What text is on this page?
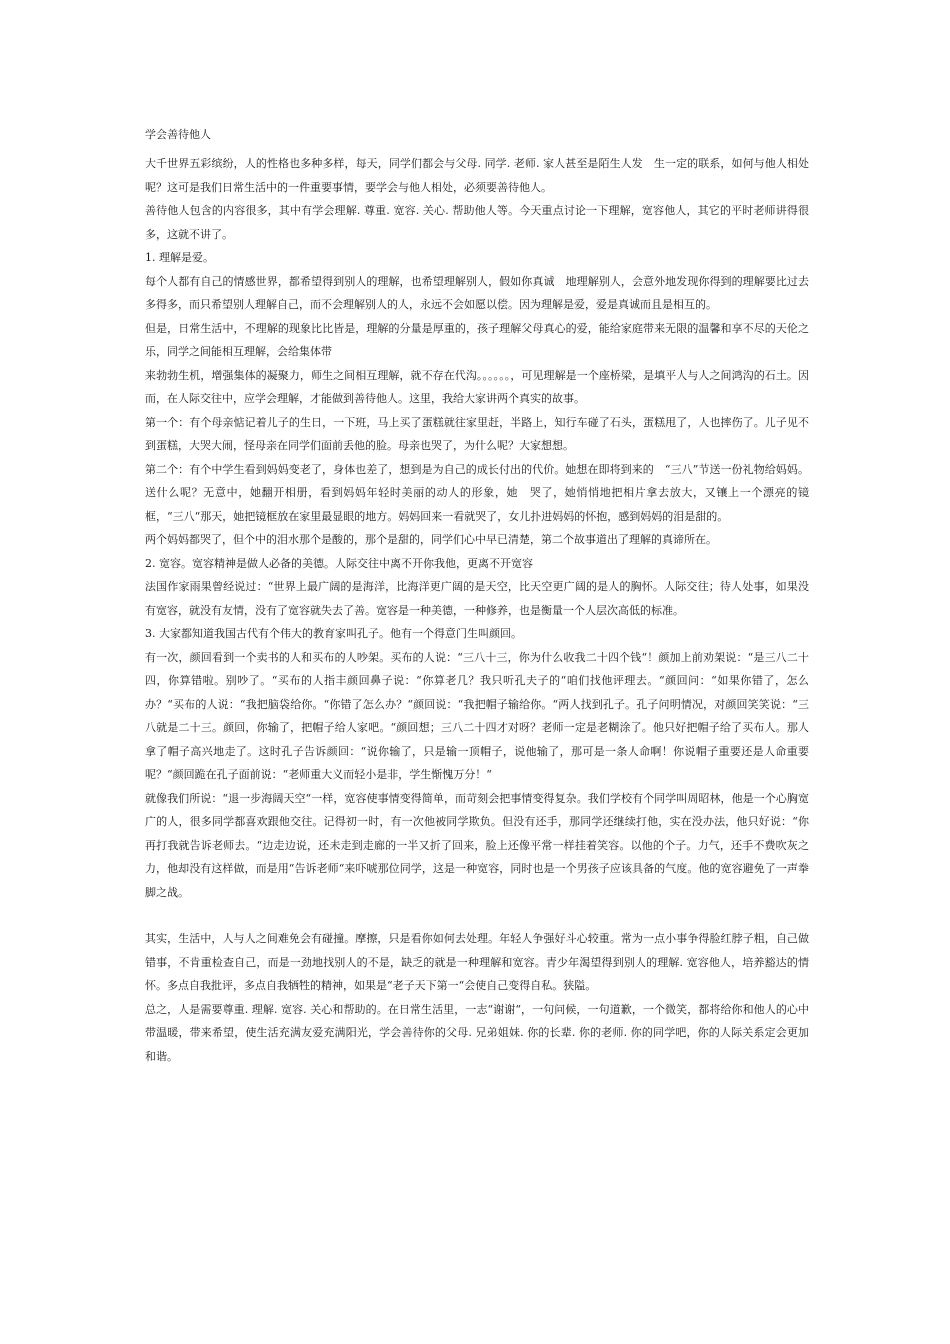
学会善待他人

大千世界五彩缤纷，人的性格也多种多样，每天，同学们都会与父母. 同学. 老师. 家人甚至是陌生人发　生一定的联系，如何与他人相处呢？这可是我们日常生活中的一件重要事情，要学会与他人相处，必须要善待他人。

善待他人包含的内容很多，其中有学会理解. 尊重. 宽容. 关心. 帮助他人等。今天重点讨论一下理解，宽容他人，其它的平时老师讲得很多，这就不讲了。

1. 理解是爱。

每个人都有自己的情感世界，都希望得到别人的理解，也希望理解别人，假如你真诚　地理解别人，会意外地发现你得到的理解要比过去多得多，而只希望别人理解自己，而不会理解别人的人，永远不会如愿以偿。因为理解是爱，爱是真诚而且是相互的。

但是，日常生活中，不理解的现象比比皆是，理解的分量是厚重的，孩子理解父母真心的爱，能给家庭带来无限的温馨和享不尽的天伦之乐，同学之间能相互理解，会给集体带

来勃勃生机，增强集体的凝聚力，师生之间相互理解，就不存在代沟。。。。。。，可见理解是一个座桥梁，是填平人与人之间鸿沟的石土。因而，在人际交往中，应学会理解，才能做到善待他人。这里，我给大家讲两个真实的故事。

第一个：有个母亲惦记着儿子的生日，一下班，马上买了蛋糕就往家里赶，半路上，知行车碰了石头，蛋糕甩了，人也摔伤了。儿子见不到蛋糕，大哭大闹，怪母亲在同学们面前丢他的脸。母亲也哭了，为什么呢？大家想想。

第二个：有个中学生看到妈妈变老了，身体也差了，想到是为自己的成长付出的代价。她想在即将到来的　“三八”节送一份礼物给妈妈。送什么呢？无意中，她翻开相册，看到妈妈年轻时美丽的动人的形象，她　哭了，她悄悄地把相片拿去放大，又镶上一个漂亮的镜框，“三八“那天，她把镜框放在家里最显眼的地方。妈妈回来一看就哭了，女儿扑进妈妈的怀抱，感到妈妈的泪是甜的。

两个妈妈都哭了，但个中的泪水那个是酸的，那个是甜的，同学们心中早已清楚，第二个故事道出了理解的真谛所在。

2. 宽容。宽容精神是做人必备的美德。人际交往中离不开你我他，更离不开宽容

法国作家雨果曾经说过：“世界上最广阔的是海洋，比海洋更广阔的是天空，比天空更广阔的是人的胸怀。人际交往；待人处事，如果没有宽容，就没有友情，没有了宽容就失去了善。宽容是一种美德，一种修养，也是衡量一个人层次高低的标准。

3. 大家都知道我国古代有个伟大的教育家叫孔子。他有一个得意门生叫颜回。

有一次，颜回看到一个卖书的人和买布的人吵架。买布的人说：“三八十三，你为什么收我二十四个钱“！颜加上前劝架说：“是三八二十四，你算错啦。别吵了。“买布的人指丰颜回鼻子说：“你算老几？我只听孔夫子的“咱们找他评理去。“颜回问：“如果你错了，怎么办？“买布的人说：“我把脑袋给你。“你错了怎么办？“颜回说：“我把帽子输给你。“两人找到孔子。孔子问明情况，对颜回笑笑说：“三八就是二十三。颜回，你输了，把帽子给人家吧。“颜回想；三八二十四才对呀？老师一定是老糊涂了。他只好把帽子给了买布人。那人拿了帽子高兴地走了。这时孔子告诉颜回：“说你输了，只是输一顶帽子，说他输了，那可是一条人命啊！你说帽子重要还是人命重要呢？“颜回跪在孔子面前说：“老师重大义而轻小是非，学生惭愧万分！“

就像我们所说：“退一步海阔天空“一样，宽容使事情变得简单，而苛刻会把事情变得复杂。我们学校有个同学叫周昭林，他是一个心胸宽广的人，很多同学都喜欢跟他交往。记得初一时，有一次他被同学欺负。但没有还手，那同学还继续打他，实在没办法，他只好说：“你再打我就告诉老师去。“边走边说，还未走到走廊的一半又折了回来，脸上还像平常一样挂着笑容。以他的个子。力气，还手不费吹灰之力，他却没有这样做，而是用“告诉老师“来吓唬那位同学，这是一种宽容，同时也是一个男孩子应该具备的气度。他的宽容避免了一声拳脚之战。

其实，生活中，人与人之间难免会有碰撞。摩擦，只是看你如何去处理。年轻人争强好斗心较重。常为一点小事争得脸红脖子粗，自己做错事，不肯重检查自己，而是一劲地找别人的不是，缺乏的就是一种理解和宽容。青少年渴望得到别人的理解. 宽容他人，培养豁达的情怀。多点自我批评，多点自我牺牲的精神，如果是“老子天下第一“会使自己变得自私。狭隘。

总之，人是需要尊重. 理解. 宽容. 关心和帮助的。在日常生活里，一志“谢谢“，一句问候，一句道歉，一个微笑，都将给你和他人的心中带温暖，带来希望，使生活充满友爱充满阳光，学会善待你的父母. 兄弟姐妹. 你的长辈. 你的老师. 你的同学吧，你的人际关系定会更加和谐。
